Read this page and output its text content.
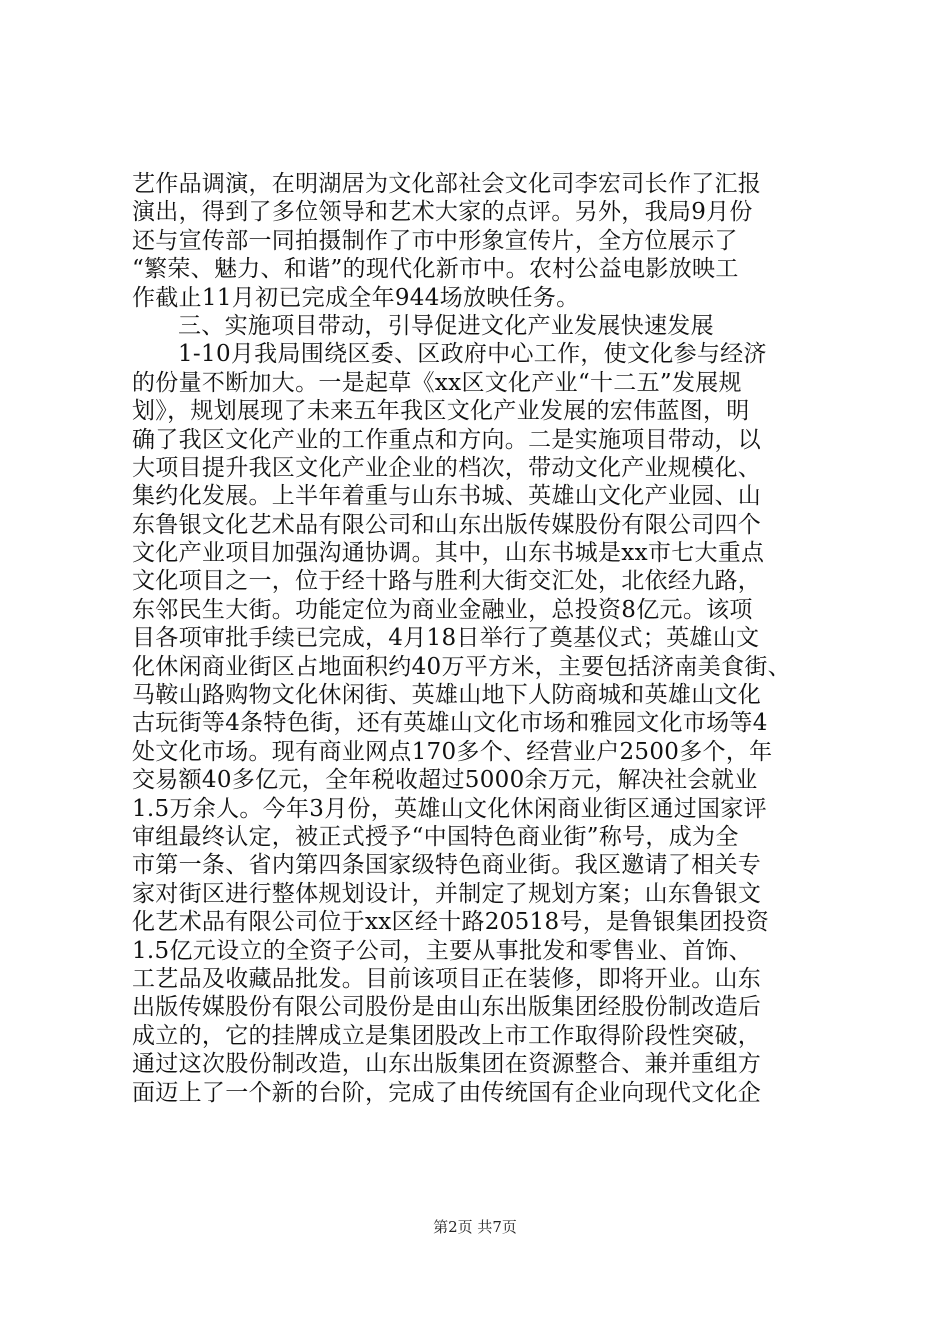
艺作品调演，在明湖居为文化部社会文化司李宏司长作了汇报
演出，得到了多位领导和艺术大家的点评。另外，我局9月份
还与宣传部一同拍摄制作了市中形象宣传片，全方位展示了
“繁荣、魅力、和谐”的现代化新市中。农村公益电影放映工
作截止11月初已完成全年944场放映任务。
三、实施项目带动，引导促进文化产业发展快速发展
1-10月我局围绕区委、区政府中心工作，使文化参与经济
的份量不断加大。一是起草《xx区文化产业“十二五”发展规
划》，规划展现了未来五年我区文化产业发展的宏伟蓝图，明
确了我区文化产业的工作重点和方向。二是实施项目带动，以
大项目提升我区文化产业企业的档次，带动文化产业规模化、
集约化发展。上半年着重与山东书城、英雄山文化产业园、山
东鲁银文化艺术品有限公司和山东出版传媒股份有限公司四个
文化产业项目加强沟通协调。其中，山东书城是xx市七大重点
文化项目之一，位于经十路与胜利大街交汇处，北依经九路，
东邻民生大街。功能定位为商业金融业，总投资8亿元。该项
目各项审批手续已完成，4月18日举行了奠基仪式；英雄山文
化休闲商业街区占地面积约40万平方米，主要包括济南美食街、
马鞍山路购物文化休闲街、英雄山地下人防商城和英雄山文化
古玩街等4条特色街，还有英雄山文化市场和雅园文化市场等4
处文化市场。现有商业网点170多个、经营业户2500多个，年
交易额40多亿元，全年税收超过5000余万元，解决社会就业
1.5万余人。今年3月份，英雄山文化休闲商业街区通过国家评
审组最终认定，被正式授予“中国特色商业街”称号，成为全
市第一条、省内第四条国家级特色商业街。我区邀请了相关专
家对街区进行整体规划设计，并制定了规划方案；山东鲁银文
化艺术品有限公司位于xx区经十路20518号，是鲁银集团投资
1.5亿元设立的全资子公司，主要从事批发和零售业、首饰、
工艺品及收藏品批发。目前该项目正在装修，即将开业。山东
出版传媒股份有限公司股份是由山东出版集团经股份制改造后
成立的，它的挂牌成立是集团股改上市工作取得阶段性突破，
通过这次股份制改造，山东出版集团在资源整合、兼并重组方
面迈上了一个新的台阶，完成了由传统国有企业向现代文化企
第2页 共7页
